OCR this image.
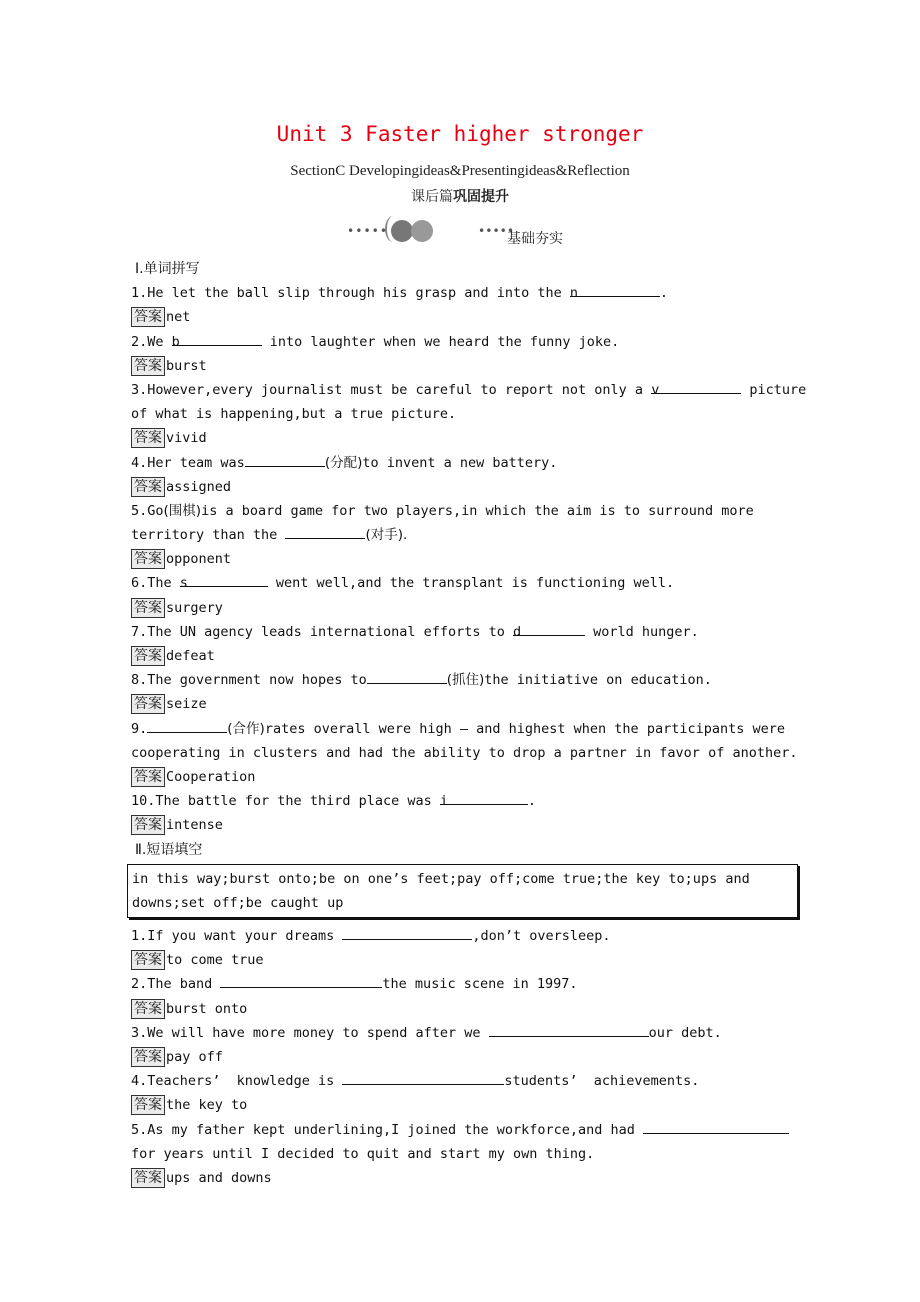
Unit 3 Faster higher stronger
SectionC Developingideas&Presentingideas&Reflection
课后篇巩固提升
•••••	•••••
基础夯实
Ⅰ.单词拼写
1.He let the ball slip through his grasp and into the n	.
答案 net
2.We b	into laughter when we heard the funny joke.
答案 burst
3.However,every journalist must be careful to report not only a v	picture
of what is happening,but a true picture.
答案 vivid
4.Her team was	(分配)to invent a new battery.
答案 assigned
5.Go(围棋)is a board game for two players,in which the aim is to surround more
territory than the	(对手).
答案 opponent
6.The s	went well,and the transplant is functioning well.
答案 surgery
7.The UN agency leads international efforts to d	world hunger.
答案 defeat
8.The government now hopes to	(抓住)the initiative on education.
答案 seize
9.	(合作)rates overall were high — and highest when the participants were
cooperating in clusters and had the ability to drop a partner in favor of another.
答案 Cooperation
10.The battle for the third place was i	.
答案 intense
Ⅱ.短语填空
in this way;burst onto;be on one’s feet;pay off;come true;the key to;ups and downs;set off;be caught up
1.If you want your dreams	,don’t oversleep.
答案 to come true
2.The band	the music scene in 1997.
答案 burst onto
3.We will have more money to spend after we	our debt.
答案 pay off
4.Teachers’  knowledge is	students’  achievements.
答案 the key to
5.As my father kept underlining,I joined the workforce,and had
for years until I decided to quit and start my own thing.
答案 ups and downs
